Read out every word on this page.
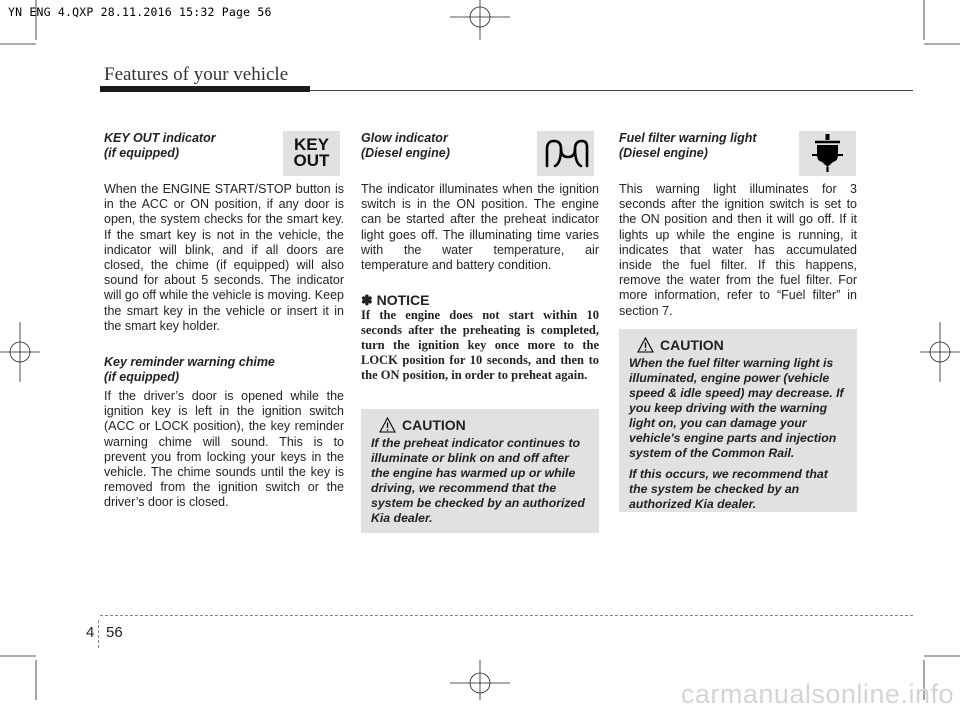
YN ENG 4.QXP 28.11.2016 15:32 Page 56
Features of your vehicle

KEY OUT indicator

(if equipped)

When the ENGINE START/STOP button is in the ACC or ON position, if any door is open, the system checks for the smart key. If the smart key is not in the vehicle, the indicator will blink, and if all doors are closed, the chime (if equipped) will also sound for about 5 seconds. The indicator will go off while the vehicle is moving. Keep the smart key in the vehicle or insert it in the smart key holder.

Key reminder warning chime

(if equipped)

If the driver’s door is opened while the ignition key is left in the ignition switch (ACC or LOCK position), the key reminder warning chime will sound. This is to prevent you from locking your keys in the vehicle. The chime sounds until the key is removed from the ignition switch or the driver’s door is closed.

KEY
OUT

Glow indicator

(Diesel engine)

The indicator illuminates when the ignition switch is in the ON position. The engine can be started after the preheat indicator light goes off. The illuminating time varies with the water temperature, air temperature and battery condition.

✽ NOTICE

If the engine does not start within 10 seconds after the preheating is completed, turn the ignition key once more to the LOCK position for 10 seconds, and then to the ON position, in order to preheat again.

CAUTION

If the preheat indicator continues to illuminate or blink on and off after the engine has warmed up or while driving, we recommend that the system be checked by an authorized Kia dealer.

Fuel filter warning light

(Diesel engine)

This warning light illuminates for 3 seconds after the ignition switch is set to the ON position and then it will go off. If it lights up while the engine is running, it indicates that water has accumulated inside the fuel filter. If this happens, remove the water from the fuel filter. For more information, refer to “Fuel filter” in section 7.

CAUTION

When the fuel filter warning light is illuminated, engine power (vehicle speed & idle speed) may decrease. If you keep driving with the warning light on, you can damage your vehicle's engine parts and injection system of the Common Rail.

If this occurs, we recommend that the system be checked by an authorized Kia dealer.

4 56
carmanualsonline.info
